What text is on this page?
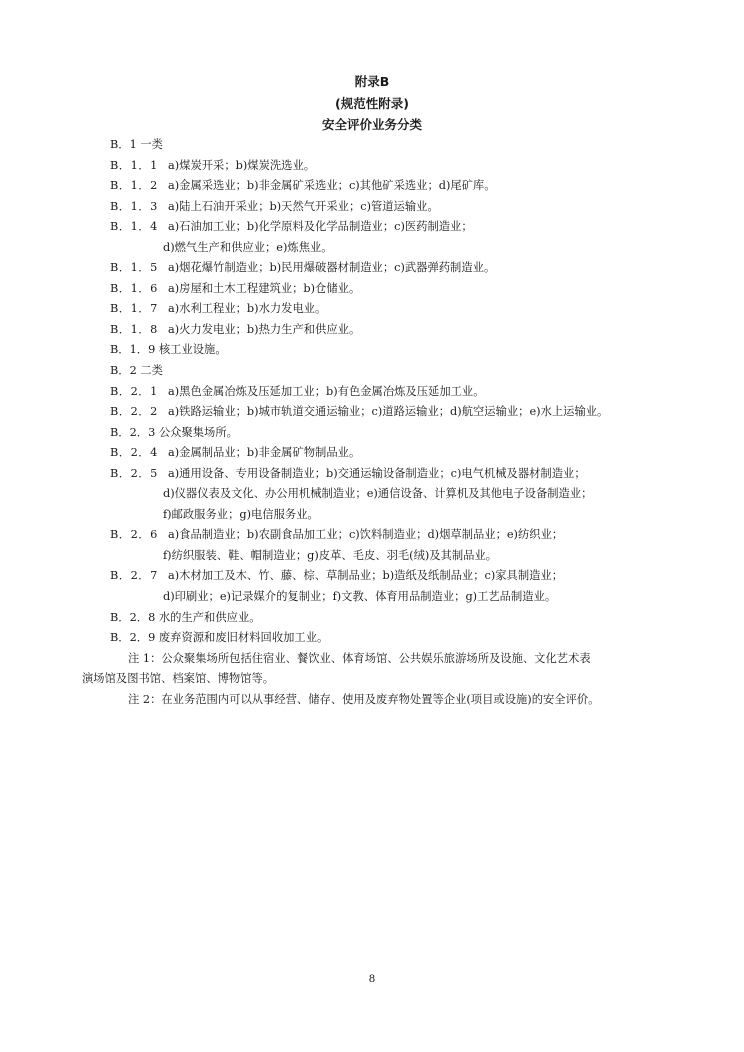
附录B
(规范性附录)
安全评价业务分类
B．1 一类
B．1．1 a)煤炭开采；b)煤炭洗选业。
B．1．2 a)金属采选业；b)非金属矿采选业；c)其他矿采选业；d)尾矿库。
B．1．3 a)陆上石油开采业；b)天然气开采业；c)管道运输业。
B．1．4 a)石油加工业；b)化学原料及化学品制造业；c)医药制造业；
d)燃气生产和供应业；e)炼焦业。
B．1．5 a)烟花爆竹制造业；b)民用爆破器材制造业；c)武器弹药制造业。
B．1．6 a)房屋和土木工程建筑业；b)仓储业。
B．1．7 a)水利工程业；b)水力发电业。
B．1．8 a)火力发电业；b)热力生产和供应业。
B．1．9 核工业设施。
B．2 二类
B．2．1 a)黑色金属冶炼及压延加工业；b)有色金属冶炼及压延加工业。
B．2．2 a)铁路运输业；b)城市轨道交通运输业；c)道路运输业；d)航空运输业；e)水上运输业。
B．2．3 公众聚集场所。
B．2．4 a)金属制品业；b)非金属矿物制品业。
B．2．5 a)通用设备、专用设备制造业；b)交通运输设备制造业；c)电气机械及器材制造业；
d)仪器仪表及文化、办公用机械制造业；e)通信设备、计算机及其他电子设备制造业；
f)邮政服务业；g)电信服务业。
B．2．6 a)食品制造业；b)农副食品加工业；c)饮料制造业；d)烟草制品业；e)纺织业；
f)纺织服装、鞋、帽制造业；g)皮革、毛皮、羽毛(绒)及其制品业。
B．2．7 a)木材加工及木、竹、藤、棕、草制品业；b)造纸及纸制品业；c)家具制造业；
d)印刷业；e)记录媒介的复制业；f)文教、体育用品制造业；g)工艺品制造业。
B．2．8 水的生产和供应业。
B．2．9 废弃资源和废旧材料回收加工业。
注 1：公众聚集场所包括住宿业、餐饮业、体育场馆、公共娱乐旅游场所及设施、文化艺术表
演场馆及图书馆、档案馆、博物馆等。
注 2：在业务范围内可以从事经营、储存、使用及废弃物处置等企业(项目或设施)的安全评价。
8
